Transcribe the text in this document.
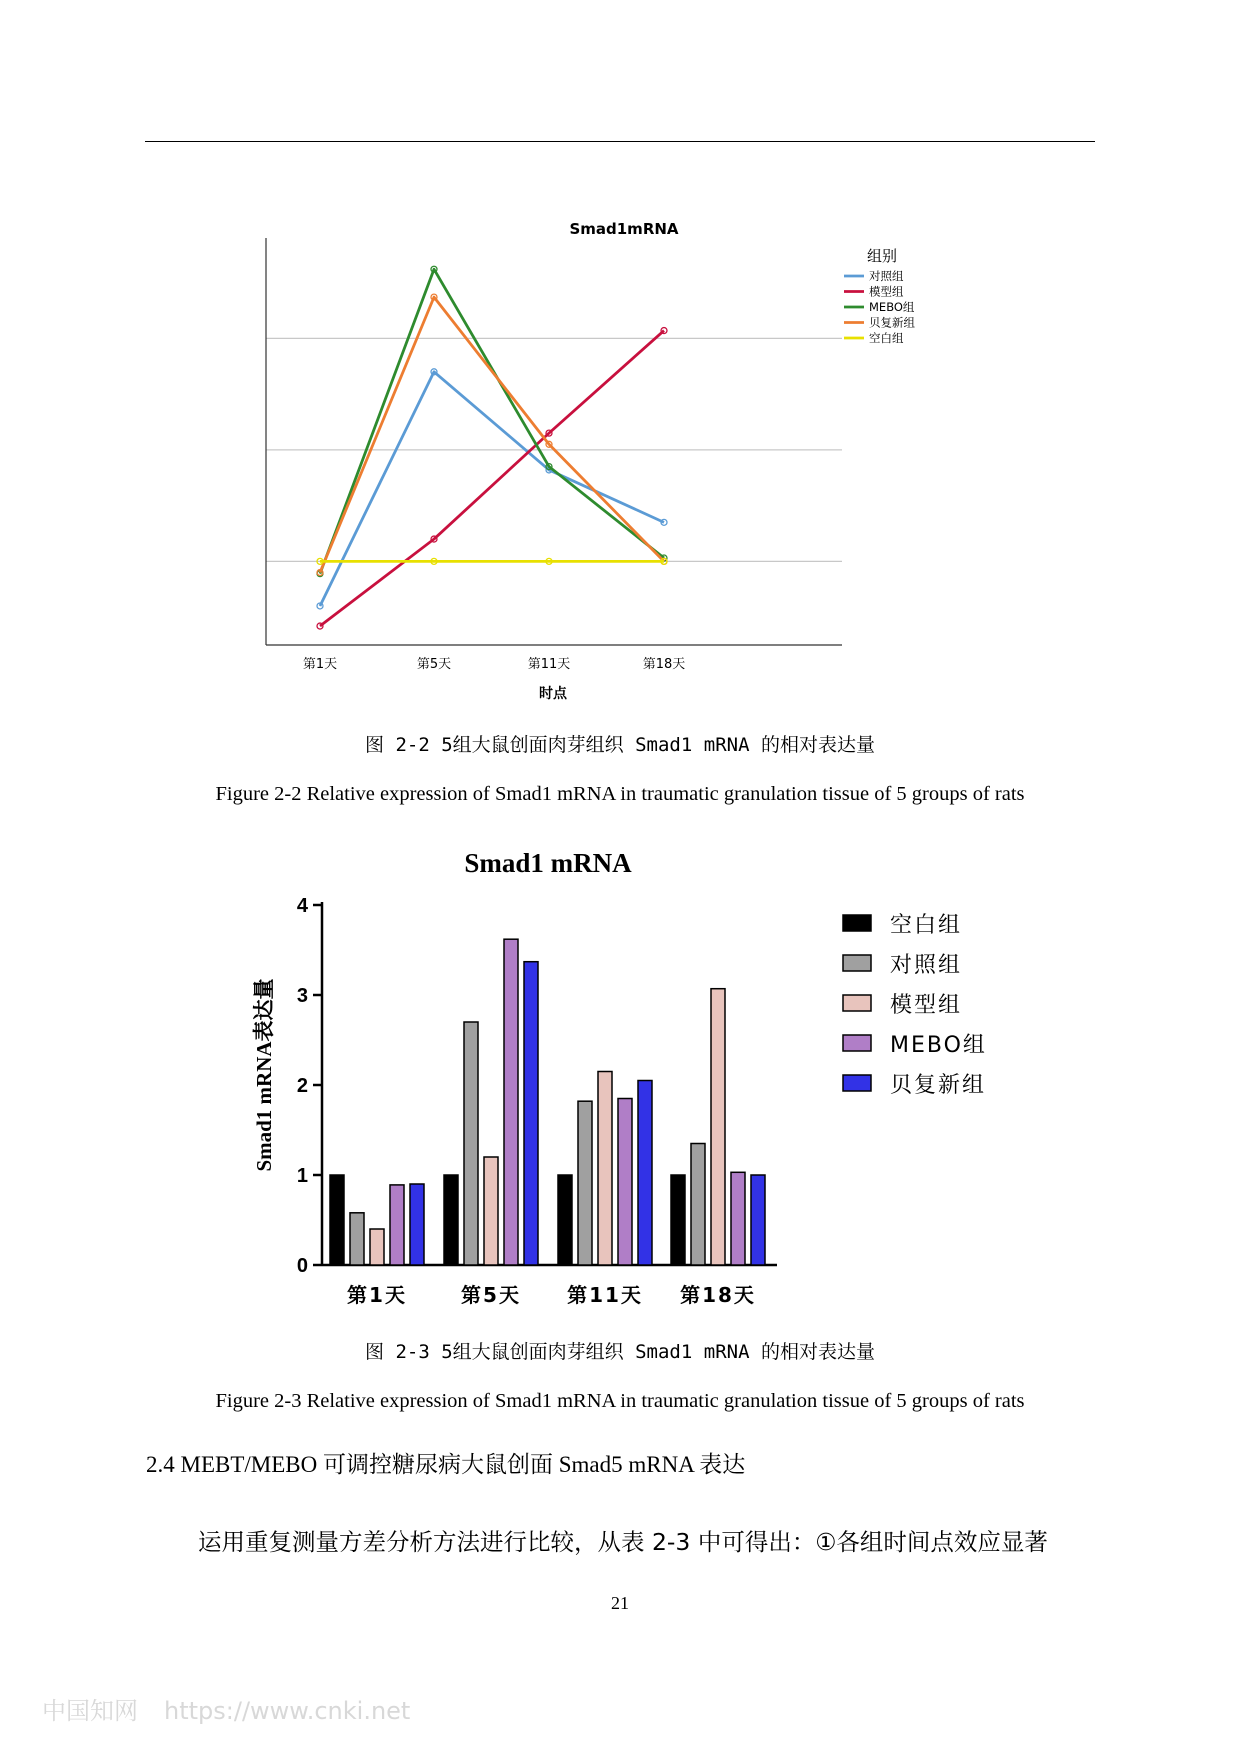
Smad1mRNA
第1天	第5天	第11天	第18天
时点
组别
对照组
模型组
MEBO组
贝复新组
空白组
图 2-2 5组大鼠创面肉芽组织 Smad1 mRNA 的相对表达量
Figure 2-2 Relative expression of Smad1 mRNA in traumatic granulation tissue of 5 groups of rats
Smad1 mRNA
Smad1 mRNA表达量
0
1
2
3
4
第1天	第5天 第11天 第18天
空白组
对照组
模型组
MEBO组
贝复新组
图 2-3 5组大鼠创面肉芽组织 Smad1 mRNA 的相对表达量
Figure 2-3 Relative expression of Smad1 mRNA in traumatic granulation tissue of 5 groups of rats
2.4 MEBT/MEBO 可调控糖尿病大鼠创面 Smad5 mRNA 表达
运用重复测量方差分析方法进行比较，从表 2-3 中可得出：①各组时间点效应显著
21
中国知网 https://www.cnki.net
